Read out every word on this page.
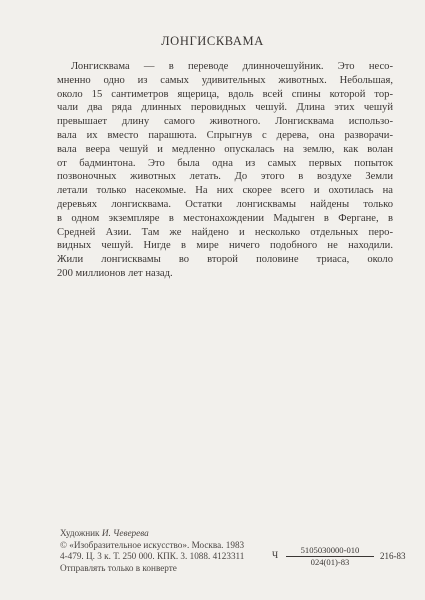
ЛОНГИСКВАМА
Лонгисквама — в переводе длинночешуйник. Это несо-
мненно одно из самых удивительных животных. Небольшая,
около 15 сантиметров ящерица, вдоль всей спины которой тор-
чали два ряда длинных перовидных чешуй. Длина этих чешуй
превышает длину самого животного. Лонгисквама использо-
вала их вместо парашюта. Спрыгнув с дерева, она разворачи-
вала веера чешуй и медленно опускалась на землю, как волан
от бадминтона. Это была одна из самых первых попыток
позвоночных животных летать. До этого в воздухе Земли
летали только насекомые. На них скорее всего и охотилась на
деревьях лонгисквама. Остатки лонгисквамы найдены только
в одном экземпляре в местонахождении Мадыген в Фергане, в
Средней Азии. Там же найдено и несколько отдельных перо-
видных чешуй. Нигде в мире ничего подобного не находили.
Жили лонгисквамы во второй половине триаса, около
200 миллионов лет назад.
Художник И. Чеверева
© «Изобразительное искусство». Москва. 1983
4-479. Ц. 3 к. Т. 250 000. КПК. 3. 1088. 4123311
Отправлять только в конверте
Ч $\frac{5105030000-010}{024(01)-83} 216-83$
